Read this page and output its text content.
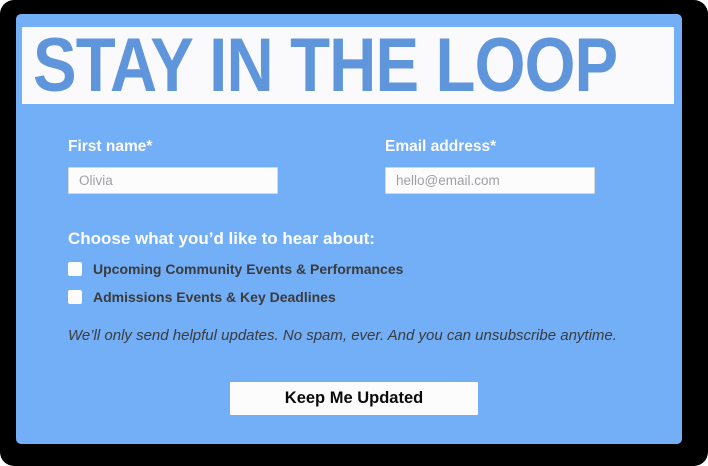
STAY IN THE LOOP
First name*
Olivia	Email address*
hello@email.com
Choose what you’d like to hear about:
Upcoming Community Events & Performances
Admissions Events & Key Deadlines
We’ll only send helpful updates. No spam, ever. And you can unsubscribe anytime.
Keep Me Updated
